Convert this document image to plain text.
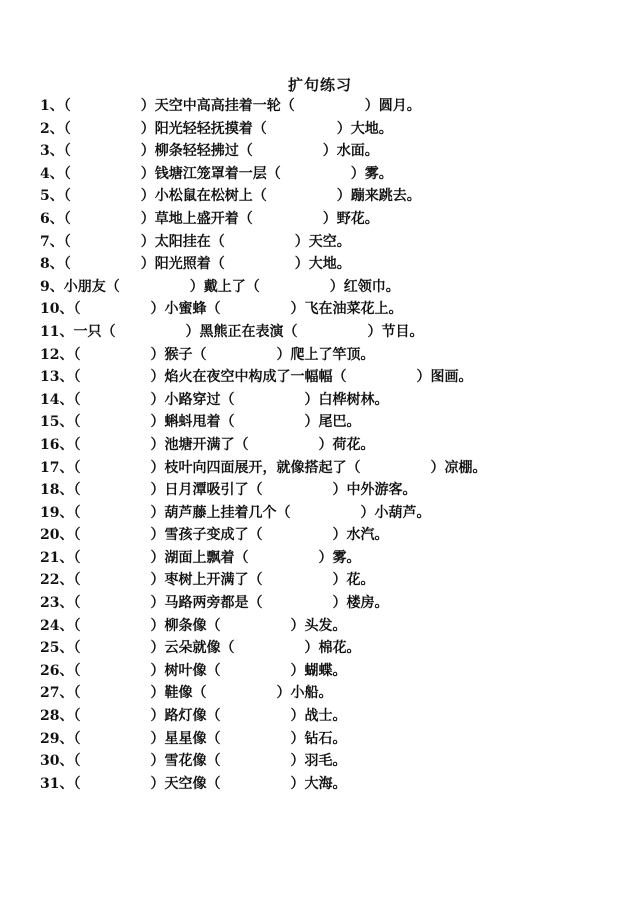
扩句练习
1、（　　　　　）天空中高高挂着一轮（　　　　　）圆月。
2、（　　　　　）阳光轻轻抚摸着（　　　　　）大地。
3、（　　　　　）柳条轻轻拂过（　　　　　）水面。
4、（　　　　　）钱塘江笼罩着一层（　　　　　）雾。
5、（　　　　　）小松鼠在松树上（　　　　　）蹦来跳去。
6、（　　　　　）草地上盛开着（　　　　　）野花。
7、（　　　　　）太阳挂在（　　　　　）天空。
8、（　　　　　）阳光照着（　　　　　）大地。
9、小朋友（　　　　　）戴上了（　　　　　）红领巾。
10、（　　　　　）小蜜蜂（　　　　　）飞在油菜花上。
11、一只（　　　　　）黑熊正在表演（　　　　　）节目。
12、（　　　　　）猴子（　　　　　）爬上了竿顶。
13、（　　　　　）焰火在夜空中构成了一幅幅（　　　　　）图画。
14、（　　　　　）小路穿过（　　　　　）白桦树林。
15、（　　　　　）蝌蚪甩着（　　　　　）尾巴。
16、（　　　　　）池塘开满了（　　　　　）荷花。
17、（　　　　　）枝叶向四面展开，就像搭起了（　　　　　）凉棚。
18、（　　　　　）日月潭吸引了（　　　　　）中外游客。
19、（　　　　　）葫芦藤上挂着几个（　　　　　）小葫芦。
20、（　　　　　）雪孩子变成了（　　　　　）水汽。
21、（　　　　　）湖面上飘着（　　　　　）雾。
22、（　　　　　）枣树上开满了（　　　　　）花。
23、（　　　　　）马路两旁都是（　　　　　）楼房。
24、（　　　　　）柳条像（　　　　　）头发。
25、（　　　　　）云朵就像（　　　　　）棉花。
26、（　　　　　）树叶像（　　　　　）蝴蝶。
27、（　　　　　）鞋像（　　　　　）小船。
28、（　　　　　）路灯像（　　　　　）战士。
29、（　　　　　）星星像（　　　　　）钻石。
30、（　　　　　）雪花像（　　　　　）羽毛。
31、（　　　　　）天空像（　　　　　）大海。
